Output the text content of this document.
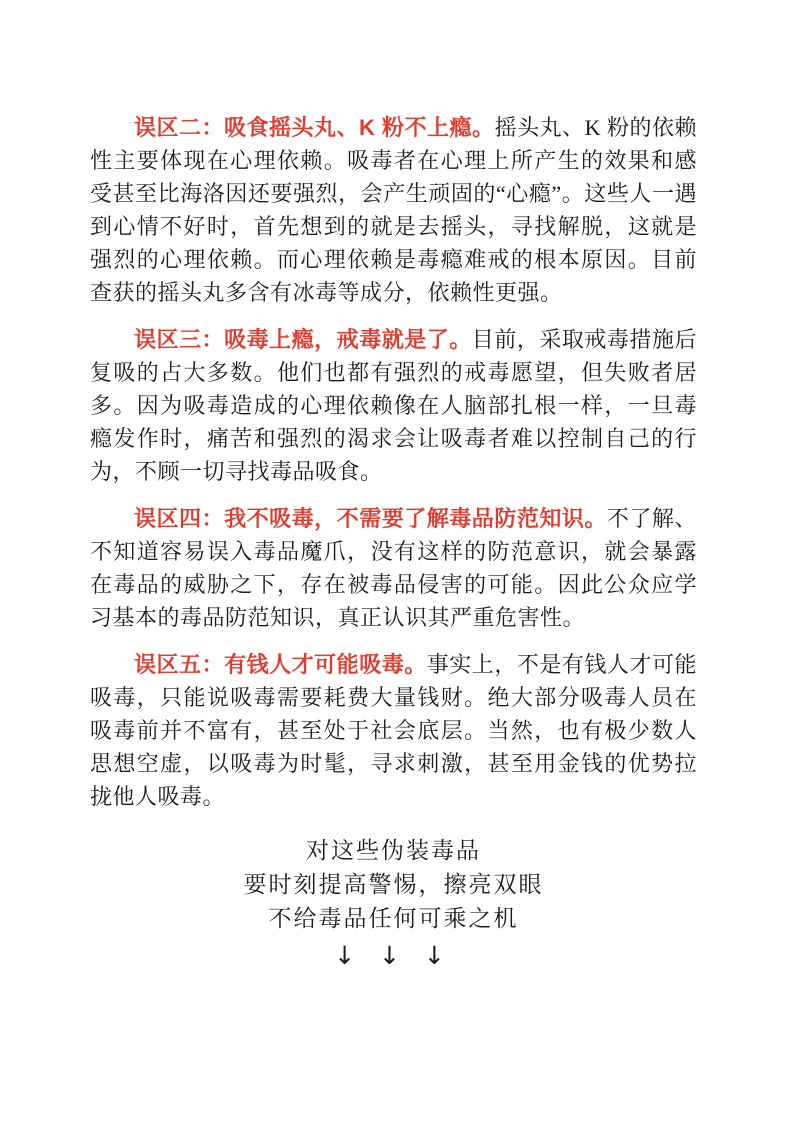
误区二：吸食摇头丸、K 粉不上瘾。摇头丸、K 粉的依赖性主要体现在心理依赖。吸毒者在心理上所产生的效果和感受甚至比海洛因还要强烈，会产生顽固的“心瘾”。这些人一遇到心情不好时，首先想到的就是去摇头，寻找解脱，这就是强烈的心理依赖。而心理依赖是毒瘾难戒的根本原因。目前查获的摇头丸多含有冰毒等成分，依赖性更强。

误区三：吸毒上瘾，戒毒就是了。目前，采取戒毒措施后复吸的占大多数。他们也都有强烈的戒毒愿望，但失败者居多。因为吸毒造成的心理依赖像在人脑部扎根一样，一旦毒瘾发作时，痛苦和强烈的渴求会让吸毒者难以控制自己的行为，不顾一切寻找毒品吸食。

误区四：我不吸毒，不需要了解毒品防范知识。不了解、不知道容易误入毒品魔爪，没有这样的防范意识，就会暴露在毒品的威胁之下，存在被毒品侵害的可能。因此公众应学习基本的毒品防范知识，真正认识其严重危害性。

误区五：有钱人才可能吸毒。事实上，不是有钱人才可能吸毒，只能说吸毒需要耗费大量钱财。绝大部分吸毒人员在吸毒前并不富有，甚至处于社会底层。当然，也有极少数人思想空虚，以吸毒为时髦，寻求刺激，甚至用金钱的优势拉拢他人吸毒。

对这些伪装毒品
要时刻提高警惕，擦亮双眼
不给毒品任何可乘之机
↓ ↓ ↓
